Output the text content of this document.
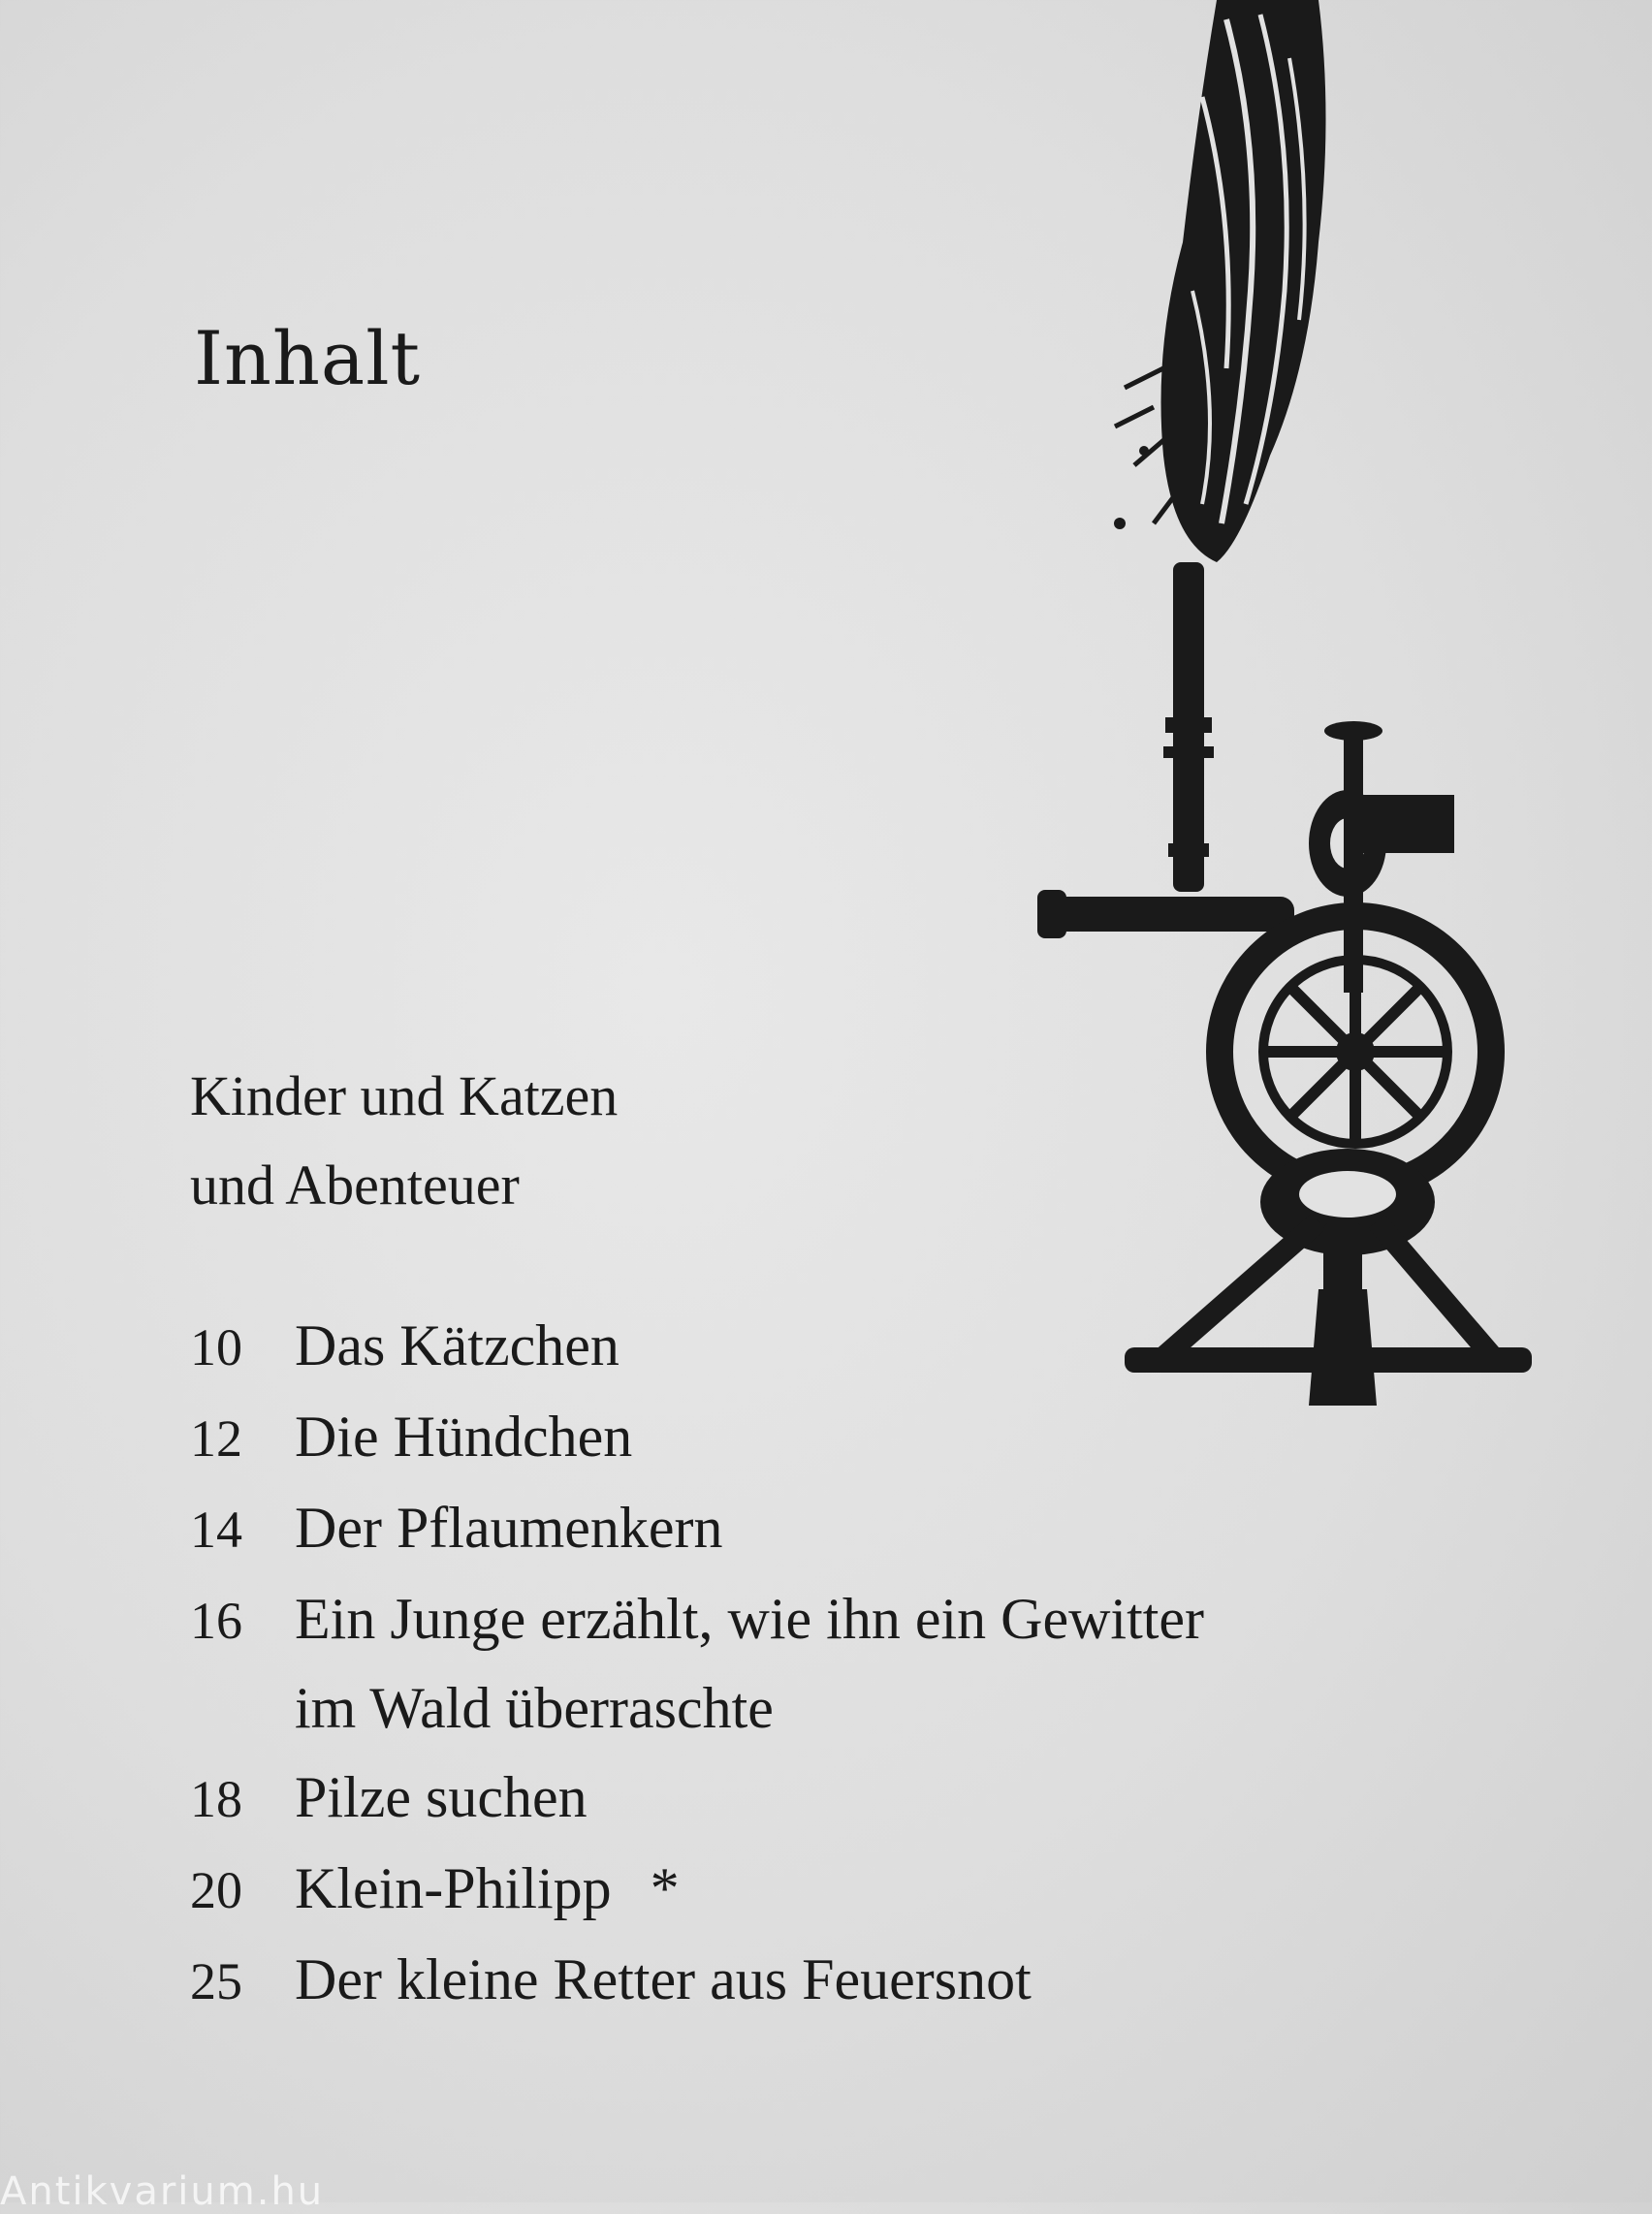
Inhalt
Kinder und Katzen
und Abenteuer
10 Das Kätzchen
12 Die Hündchen
14 Der Pflaumenkern
16 Ein Junge erzählt, wie ihn ein Gewitter
im Wald überraschte
18 Pilze suchen
20 Klein-Philipp *
25 Der kleine Retter aus Feuersnot
Antikvarium.hu
